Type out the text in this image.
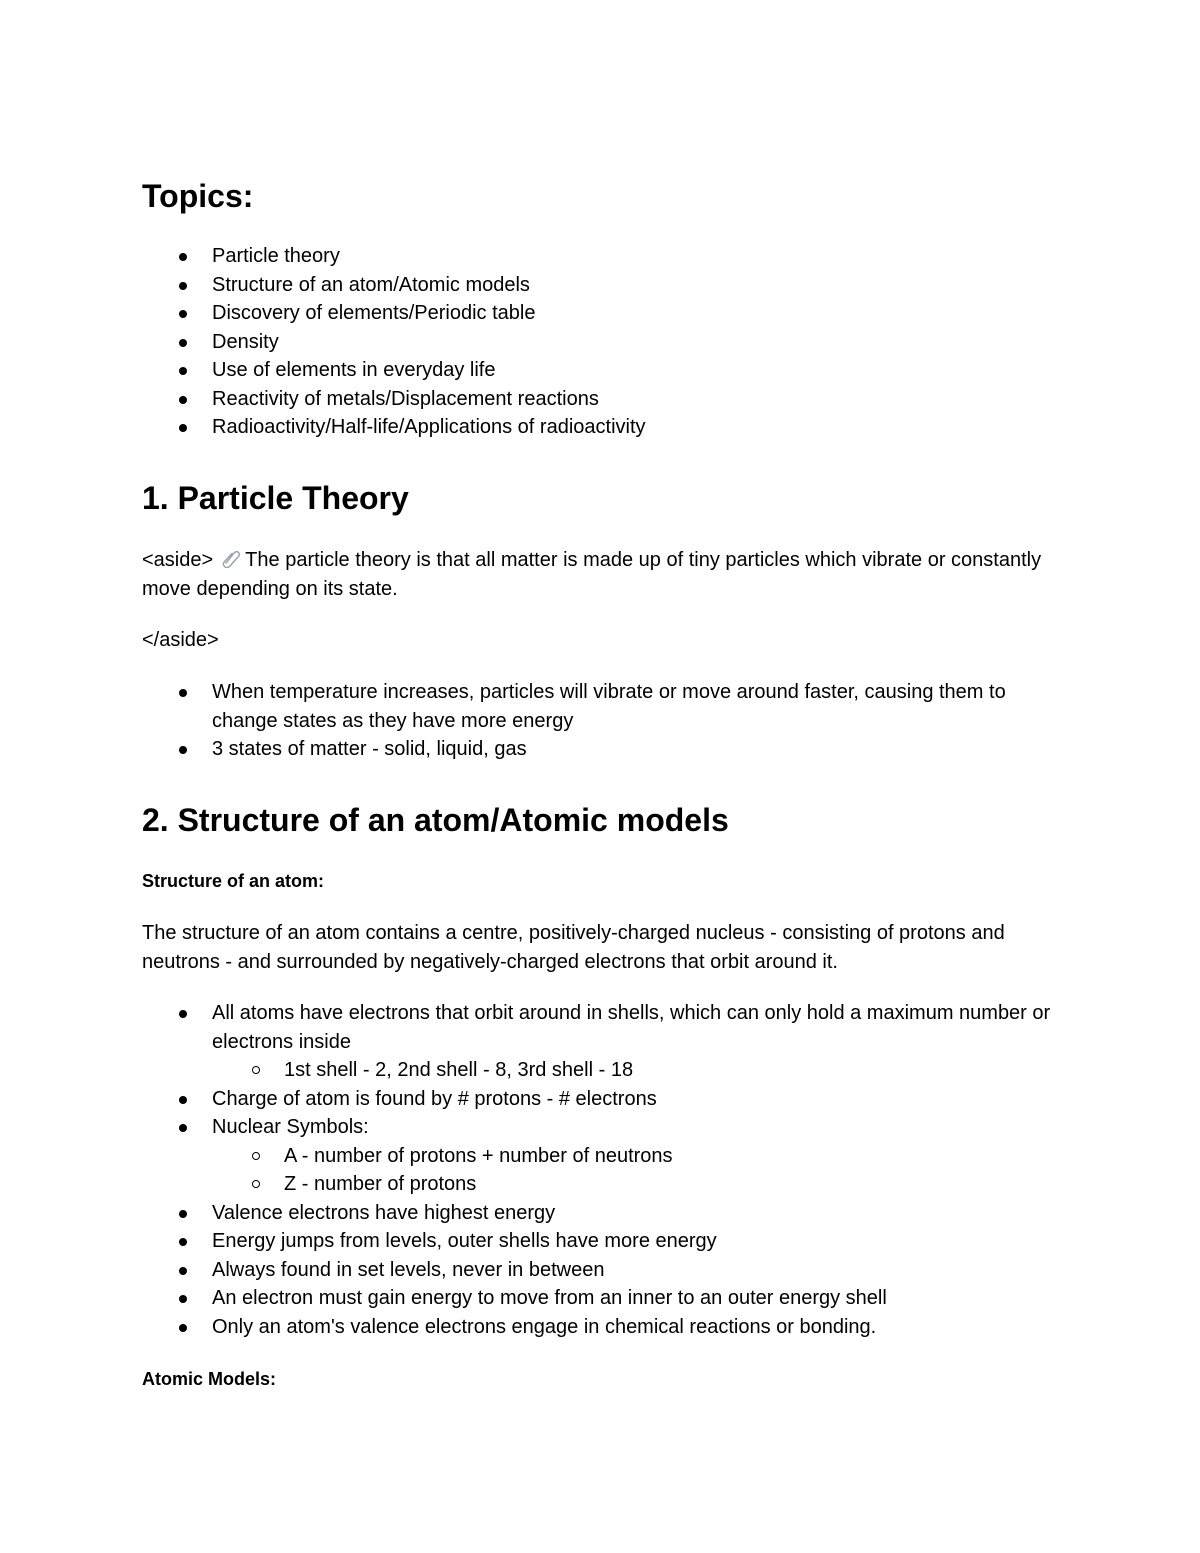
Topics:
Particle theory
Structure of an atom/Atomic models
Discovery of elements/Periodic table
Density
Use of elements in everyday life
Reactivity of metals/Displacement reactions
Radioactivity/Half-life/Applications of radioactivity
1. Particle Theory

<aside> The particle theory is that all matter is made up of tiny particles which vibrate or constantly move depending on its state.

</aside>

When temperature increases, particles will vibrate or move around faster, causing them to change states as they have more energy
3 states of matter - solid, liquid, gas
2. Structure of an atom/Atomic models

Structure of an atom:

The structure of an atom contains a centre, positively-charged nucleus - consisting of protons and neutrons - and surrounded by negatively-charged electrons that orbit around it.

All atoms have electrons that orbit around in shells, which can only hold a maximum number or electrons inside
1st shell - 2, 2nd shell - 8, 3rd shell - 18
Charge of atom is found by # protons - # electrons
Nuclear Symbols:
A - number of protons + number of neutrons
Z - number of protons
Valence electrons have highest energy
Energy jumps from levels, outer shells have more energy
Always found in set levels, never in between
An electron must gain energy to move from an inner to an outer energy shell
Only an atom's valence electrons engage in chemical reactions or bonding.

Atomic Models:
